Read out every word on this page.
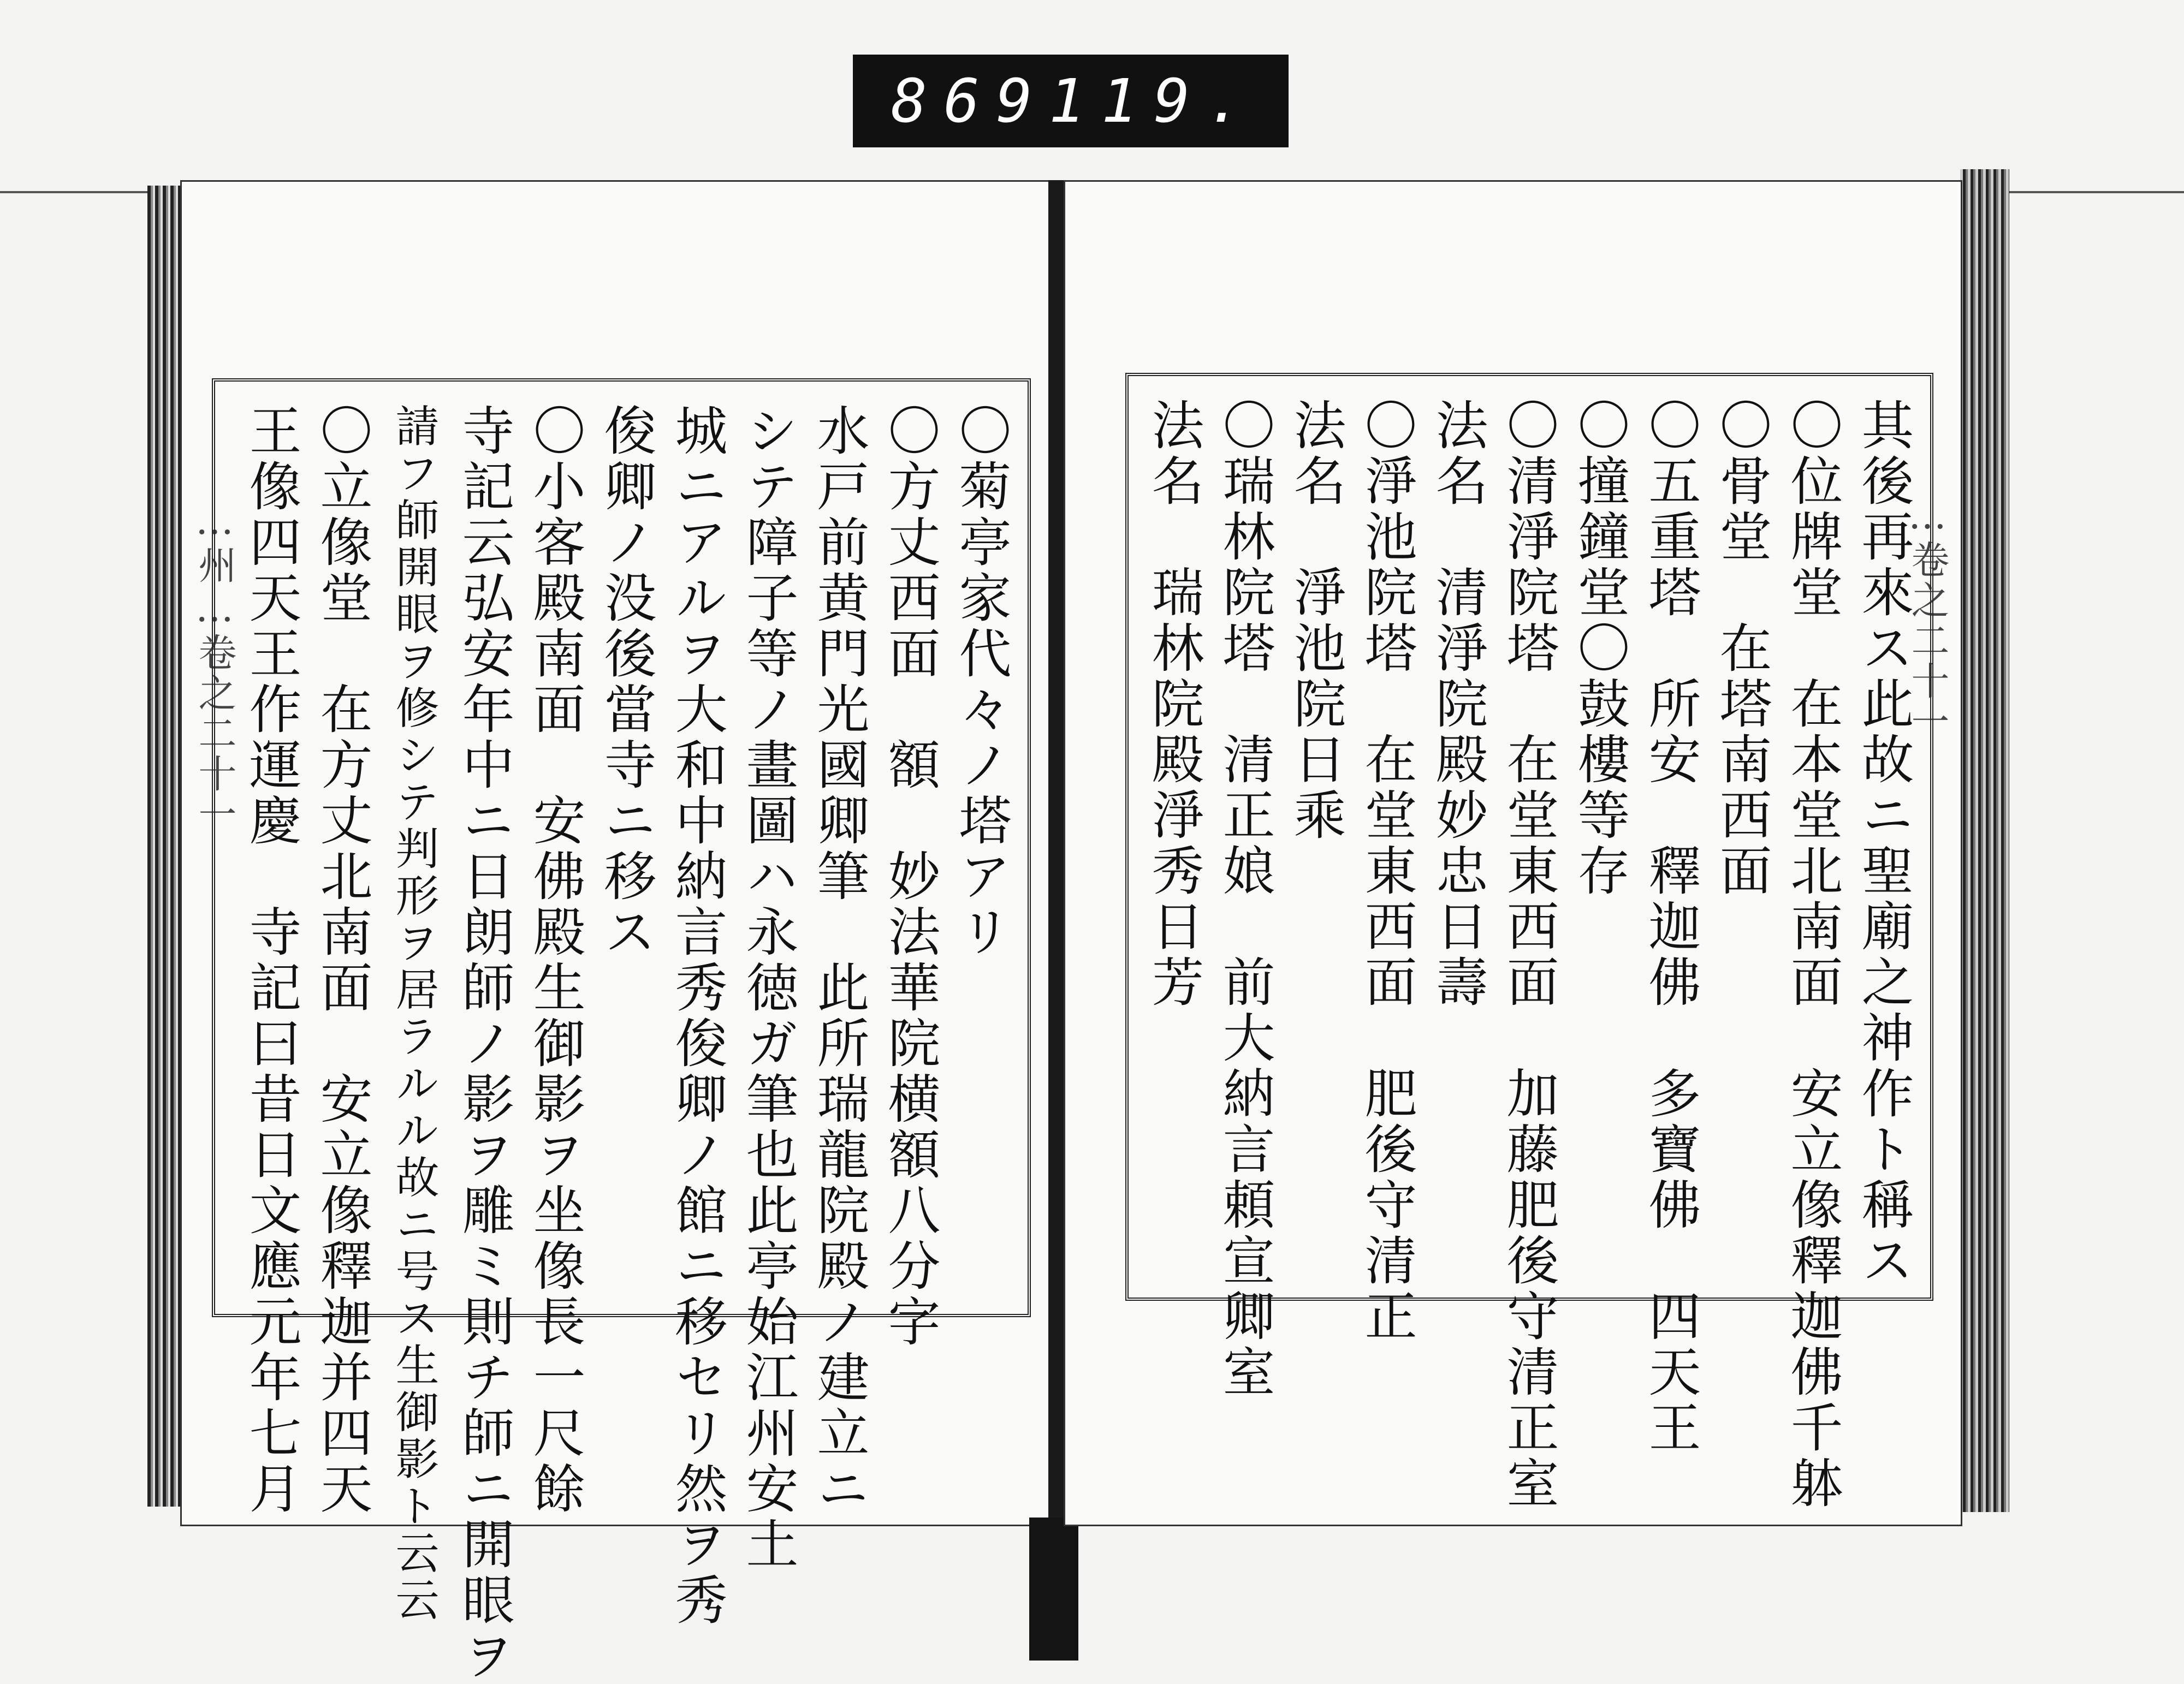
869 119.
…州…卷之二十一	〇菊亭家代々ノ塔アリ
〇方丈西面　額　妙法華院横額八分字
水戸前黄門光國卿筆　此所瑞龍院殿ノ建立ニ
シテ障子等ノ畫圖ハ永徳ガ筆也此亭始江州安土
城ニアルヲ大和中納言秀俊卿ノ館ニ移セリ然ヲ秀
俊卿ノ没後當寺ニ移ス
〇小客殿南面　安佛殿生御影ヲ坐像長一尺餘
寺記云弘安年中ニ日朗師ノ影ヲ雕ミ則チ師ニ開眼ヲ
請フ師開眼ヲ修シテ判形ヲ居ラルル故ニ号ス生御影ト云云
〇立像堂　在方丈北南面　安立像釋迦并四天
王像四天王作運慶　寺記曰昔日文應元年七月	…卷之二十一
其後再來ス此故ニ聖廟之神作ト稱ス
〇位牌堂　在本堂北南面　安立像釋迦佛千躰
〇骨堂　在塔南西面
〇五重塔　所安　釋迦佛　多寶佛　四天王
〇撞鐘堂〇鼓樓等存
〇清淨院塔　在堂東西面　加藤肥後守清正室
法名　清淨院殿妙忠日壽
〇淨池院塔　在堂東西面　肥後守清正
法名　淨池院日乘
〇瑞林院塔　清正娘　前大納言頼宣卿室
法名　瑞林院殿淨秀日芳
